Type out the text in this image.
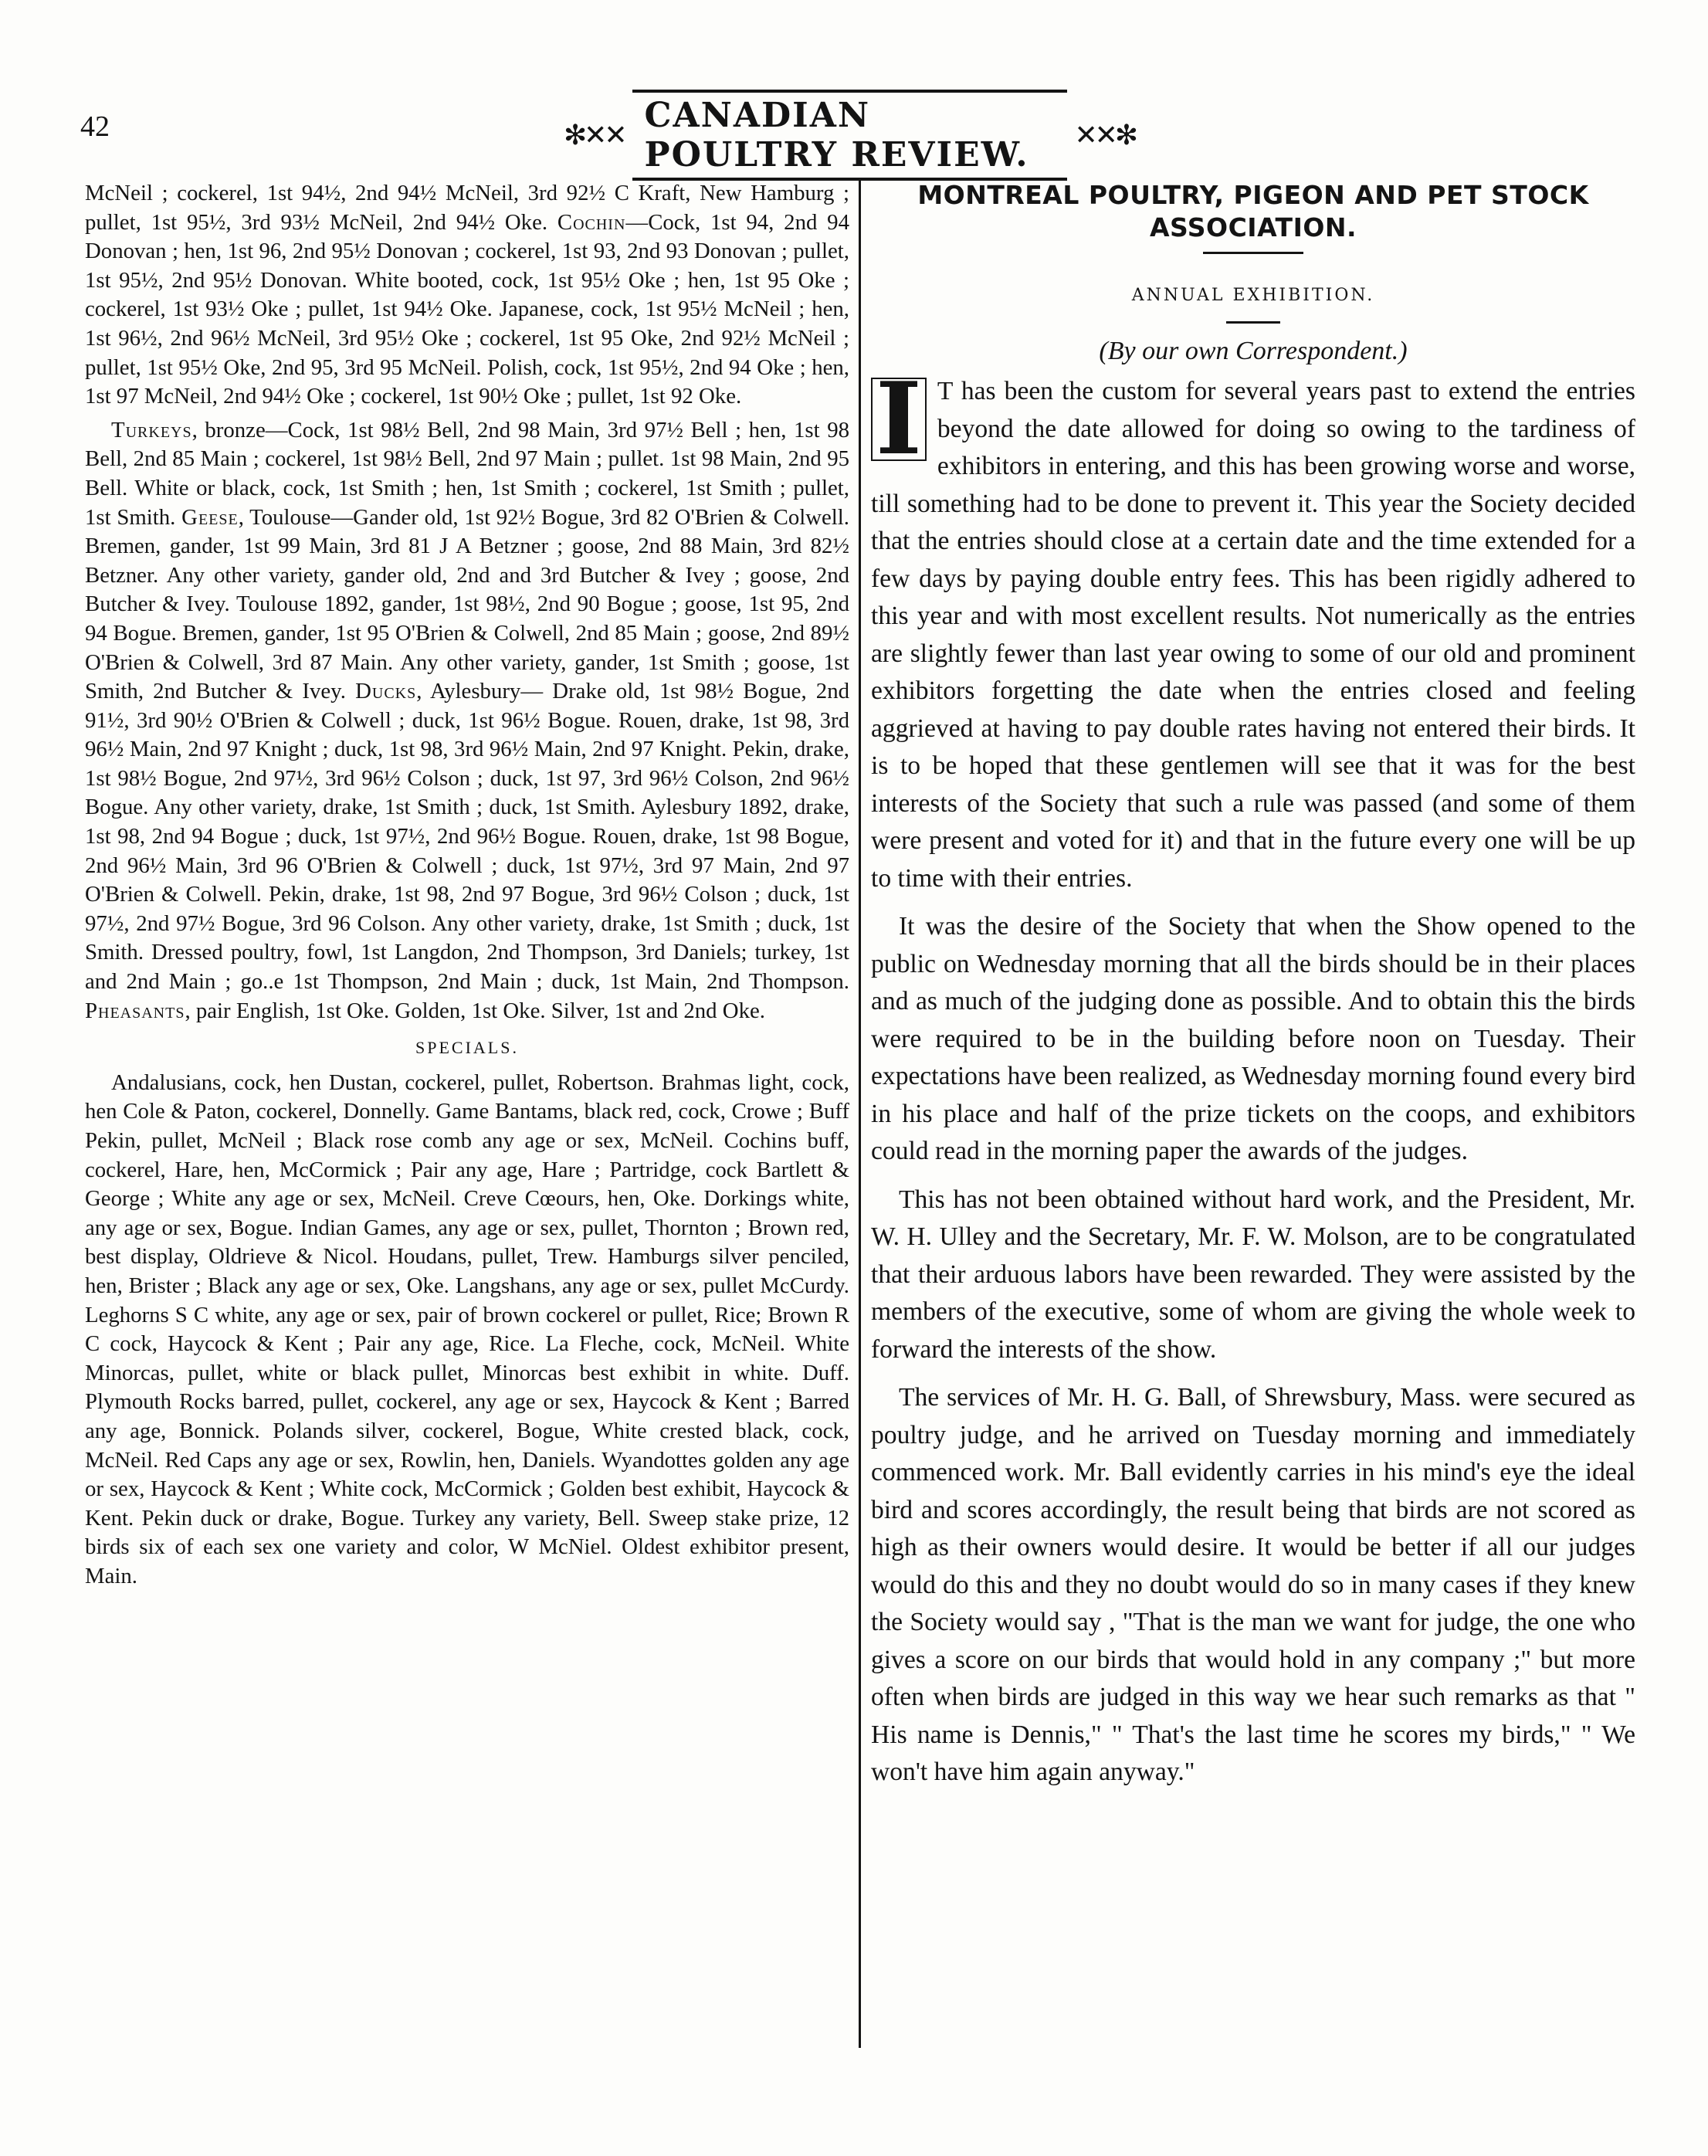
42	✻✕✕ CANADIAN POULTRY REVIEW.	✕✕✻

McNeil ; cockerel, 1st 94½, 2nd 94½ McNeil, 3rd 92½ C Kraft, New Hamburg ; pullet, 1st 95½, 3rd 93½ McNeil, 2nd 94½ Oke. Cochin—Cock, 1st 94, 2nd 94 Donovan ; hen, 1st 96, 2nd 95½ Donovan ; cockerel, 1st 93, 2nd 93 Donovan ; pullet, 1st 95½, 2nd 95½ Donovan. White booted, cock, 1st 95½ Oke ; hen, 1st 95 Oke ; cockerel, 1st 93½ Oke ; pullet, 1st 94½ Oke. Japanese, cock, 1st 95½ McNeil ; hen, 1st 96½, 2nd 96½ McNeil, 3rd 95½ Oke ; cockerel, 1st 95 Oke, 2nd 92½ McNeil ; pullet, 1st 95½ Oke, 2nd 95, 3rd 95 McNeil. Polish, cock, 1st 95½, 2nd 94 Oke ; hen, 1st 97 McNeil, 2nd 94½ Oke ; cockerel, 1st 90½ Oke ; pullet, 1st 92 Oke.

Turkeys, bronze—Cock, 1st 98½ Bell, 2nd 98 Main, 3rd 97½ Bell ; hen, 1st 98 Bell, 2nd 85 Main ; cockerel, 1st 98½ Bell, 2nd 97 Main ; pullet. 1st 98 Main, 2nd 95 Bell. White or black, cock, 1st Smith ; hen, 1st Smith ; cockerel, 1st Smith ; pullet, 1st Smith. Geese, Toulouse—Gander old, 1st 92½ Bogue, 3rd 82 O'Brien & Colwell. Bremen, gander, 1st 99 Main, 3rd 81 J A Betzner ; goose, 2nd 88 Main, 3rd 82½ Betzner. Any other variety, gander old, 2nd and 3rd Butcher & Ivey ; goose, 2nd Butcher & Ivey. Toulouse 1892, gander, 1st 98½, 2nd 90 Bogue ; goose, 1st 95, 2nd 94 Bogue. Bremen, gander, 1st 95 O'Brien & Colwell, 2nd 85 Main ; goose, 2nd 89½ O'Brien & Colwell, 3rd 87 Main. Any other variety, gander, 1st Smith ; goose, 1st Smith, 2nd Butcher & Ivey. Ducks, Aylesbury— Drake old, 1st 98½ Bogue, 2nd 91½, 3rd 90½ O'Brien & Colwell ; duck, 1st 96½ Bogue. Rouen, drake, 1st 98, 3rd 96½ Main, 2nd 97 Knight ; duck, 1st 98, 3rd 96½ Main, 2nd 97 Knight. Pekin, drake, 1st 98½ Bogue, 2nd 97½, 3rd 96½ Colson ; duck, 1st 97, 3rd 96½ Colson, 2nd 96½ Bogue. Any other variety, drake, 1st Smith ; duck, 1st Smith. Aylesbury 1892, drake, 1st 98, 2nd 94 Bogue ; duck, 1st 97½, 2nd 96½ Bogue. Rouen, drake, 1st 98 Bogue, 2nd 96½ Main, 3rd 96 O'Brien & Colwell ; duck, 1st 97½, 3rd 97 Main, 2nd 97 O'Brien & Colwell. Pekin, drake, 1st 98, 2nd 97 Bogue, 3rd 96½ Colson ; duck, 1st 97½, 2nd 97½ Bogue, 3rd 96 Colson. Any other variety, drake, 1st Smith ; duck, 1st Smith. Dressed poultry, fowl, 1st Langdon, 2nd Thompson, 3rd Daniels; turkey, 1st and 2nd Main ; go..e 1st Thompson, 2nd Main ; duck, 1st Main, 2nd Thompson. Pheasants, pair English, 1st Oke. Golden, 1st Oke. Silver, 1st and 2nd Oke.

SPECIALS.

Andalusians, cock, hen Dustan, cockerel, pullet, Robertson. Brahmas light, cock, hen Cole & Paton, cockerel, Donnelly. Game Bantams, black red, cock, Crowe ; Buff Pekin, pullet, McNeil ; Black rose comb any age or sex, McNeil. Cochins buff, cockerel, Hare, hen, McCormick ; Pair any age, Hare ; Partridge, cock Bartlett & George ; White any age or sex, McNeil. Creve Cœours, hen, Oke. Dorkings white, any age or sex, Bogue. Indian Games, any age or sex, pullet, Thornton ; Brown red, best display, Oldrieve & Nicol. Houdans, pullet, Trew. Hamburgs silver penciled, hen, Brister ; Black any age or sex, Oke. Langshans, any age or sex, pullet McCurdy. Leghorns S C white, any age or sex, pair of brown cockerel or pullet, Rice; Brown R C cock, Haycock & Kent ; Pair any age, Rice. La Fleche, cock, McNeil. White Minorcas, pullet, white or black pullet, Minorcas best exhibit in white. Duff. Plymouth Rocks barred, pullet, cockerel, any age or sex, Haycock & Kent ; Barred any age, Bonnick. Polands silver, cockerel, Bogue, White crested black, cock, McNeil. Red Caps any age or sex, Rowlin, hen, Daniels. Wyandottes golden any age or sex, Haycock & Kent ; White cock, McCormick ; Golden best exhibit, Haycock & Kent. Pekin duck or drake, Bogue. Turkey any variety, Bell. Sweep stake prize, 12 birds six of each sex one variety and color, W McNiel. Oldest exhibitor present, Main.

MONTREAL POULTRY, PIGEON AND PET STOCK ASSOCIATION.

ANNUAL EXHIBITION.

(By our own Correspondent.)

I T has been the custom for several years past to extend the entries beyond the date allowed for doing so owing to the tardiness of exhibitors in entering, and this has been growing worse and worse, till something had to be done to prevent it. This year the Society decided that the entries should close at a certain date and the time extended for a few days by paying double entry fees. This has been rigidly adhered to this year and with most excellent results. Not numerically as the entries are slightly fewer than last year owing to some of our old and prominent exhibitors forgetting the date when the entries closed and feeling aggrieved at having to pay double rates having not entered their birds. It is to be hoped that these gentlemen will see that it was for the best interests of the Society that such a rule was passed (and some of them were present and voted for it) and that in the future every one will be up to time with their entries.

It was the desire of the Society that when the Show opened to the public on Wednesday morning that all the birds should be in their places and as much of the judging done as possible. And to obtain this the birds were required to be in the building before noon on Tuesday. Their expectations have been realized, as Wednesday morning found every bird in his place and half of the prize tickets on the coops, and exhibitors could read in the morning paper the awards of the judges.

This has not been obtained without hard work, and the President, Mr. W. H. Ulley and the Secretary, Mr. F. W. Molson, are to be congratulated that their arduous labors have been rewarded. They were assisted by the members of the executive, some of whom are giving the whole week to forward the interests of the show.

The services of Mr. H. G. Ball, of Shrewsbury, Mass. were secured as poultry judge, and he arrived on Tuesday morning and immediately commenced work. Mr. Ball evidently carries in his mind's eye the ideal bird and scores accordingly, the result being that birds are not scored as high as their owners would desire. It would be better if all our judges would do this and they no doubt would do so in many cases if they knew the Society would say , "That is the man we want for judge, the one who gives a score on our birds that would hold in any company ;" but more often when birds are judged in this way we hear such remarks as that " His name is Dennis," " That's the last time he scores my birds," " We won't have him again anyway."
